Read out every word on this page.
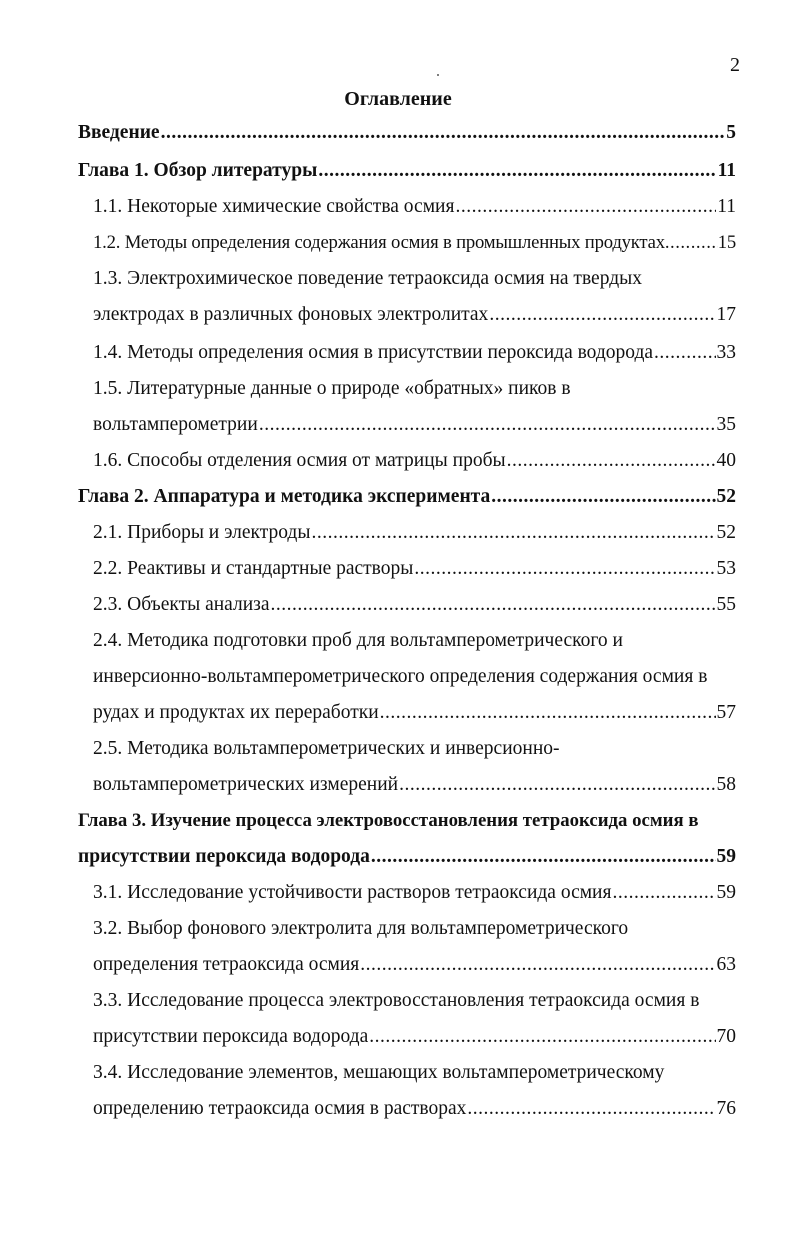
2
Оглавление
Введение .....	5
Глава 1. Обзор литературы .....	11
1.1. Некоторые химические свойства осмия .....	11
1.2. Методы определения содержания осмия в промышленных продуктах .....	15
1.3. Электрохимическое поведение тетраоксида осмия на твердых
электродах в различных фоновых электролитах .....	17
1.4. Методы определения осмия в присутствии пероксида водорода .....	33
1.5. Литературные данные о природе «обратных» пиков в
вольтамперометрии .....	35
1.6. Способы отделения осмия от матрицы пробы .....	40
Глава 2. Аппаратура и методика эксперимента .....	52
2.1. Приборы и электроды .....	52
2.2. Реактивы и стандартные растворы .....	53
2.3. Объекты анализа .....	55
2.4. Методика подготовки проб для вольтамперометрического и
инверсионно-вольтамперометрического определения содержания осмия в
рудах и продуктах их переработки .....	57
2.5. Методика вольтамперометрических и инверсионно-
вольтамперометрических измерений .....	58
Глава 3. Изучение процесса электровосстановления тетраоксида осмия в
присутствии пероксида водорода .....	59
3.1. Исследование устойчивости растворов тетраоксида осмия .....	59
3.2. Выбор фонового электролита для вольтамперометрического
определения тетраоксида осмия .....	63
3.3. Исследование процесса электровосстановления тетраоксида осмия в
присутствии пероксида водорода .....	70
3.4. Исследование элементов, мешающих вольтамперометрическому
определению тетраоксида осмия в растворах .....	76
